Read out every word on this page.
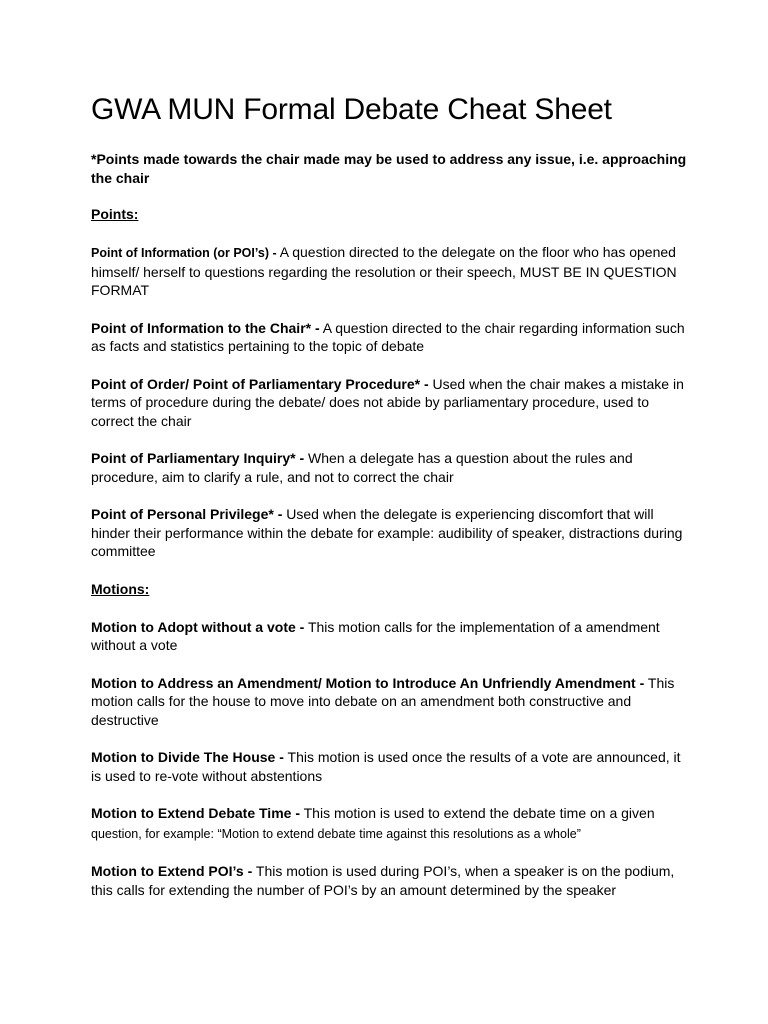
GWA MUN Formal Debate Cheat Sheet

*Points made towards the chair made may be used to address any issue, i.e. approaching the chair

Points:

Point of Information (or POI’s) - A question directed to the delegate on the floor who has opened himself/ herself to questions regarding the resolution or their speech, MUST BE IN QUESTION FORMAT

Point of Information to the Chair* - A question directed to the chair regarding information such as facts and statistics pertaining to the topic of debate

Point of Order/ Point of Parliamentary Procedure* - Used when the chair makes a mistake in terms of procedure during the debate/ does not abide by parliamentary procedure, used to correct the chair

Point of Parliamentary Inquiry* - When a delegate has a question about the rules and procedure, aim to clarify a rule, and not to correct the chair

Point of Personal Privilege* - Used when the delegate is experiencing discomfort that will hinder their performance within the debate for example: audibility of speaker, distractions during committee

Motions:

Motion to Adopt without a vote - This motion calls for the implementation of a amendment without a vote

Motion to Address an Amendment/ Motion to Introduce An Unfriendly Amendment - This motion calls for the house to move into debate on an amendment both constructive and destructive

Motion to Divide The House - This motion is used once the results of a vote are announced, it is used to re-vote without abstentions

Motion to Extend Debate Time - This motion is used to extend the debate time on a given question, for example: “Motion to extend debate time against this resolutions as a whole”

Motion to Extend POI’s - This motion is used during POI’s, when a speaker is on the podium, this calls for extending the number of POI’s by an amount determined by the speaker
